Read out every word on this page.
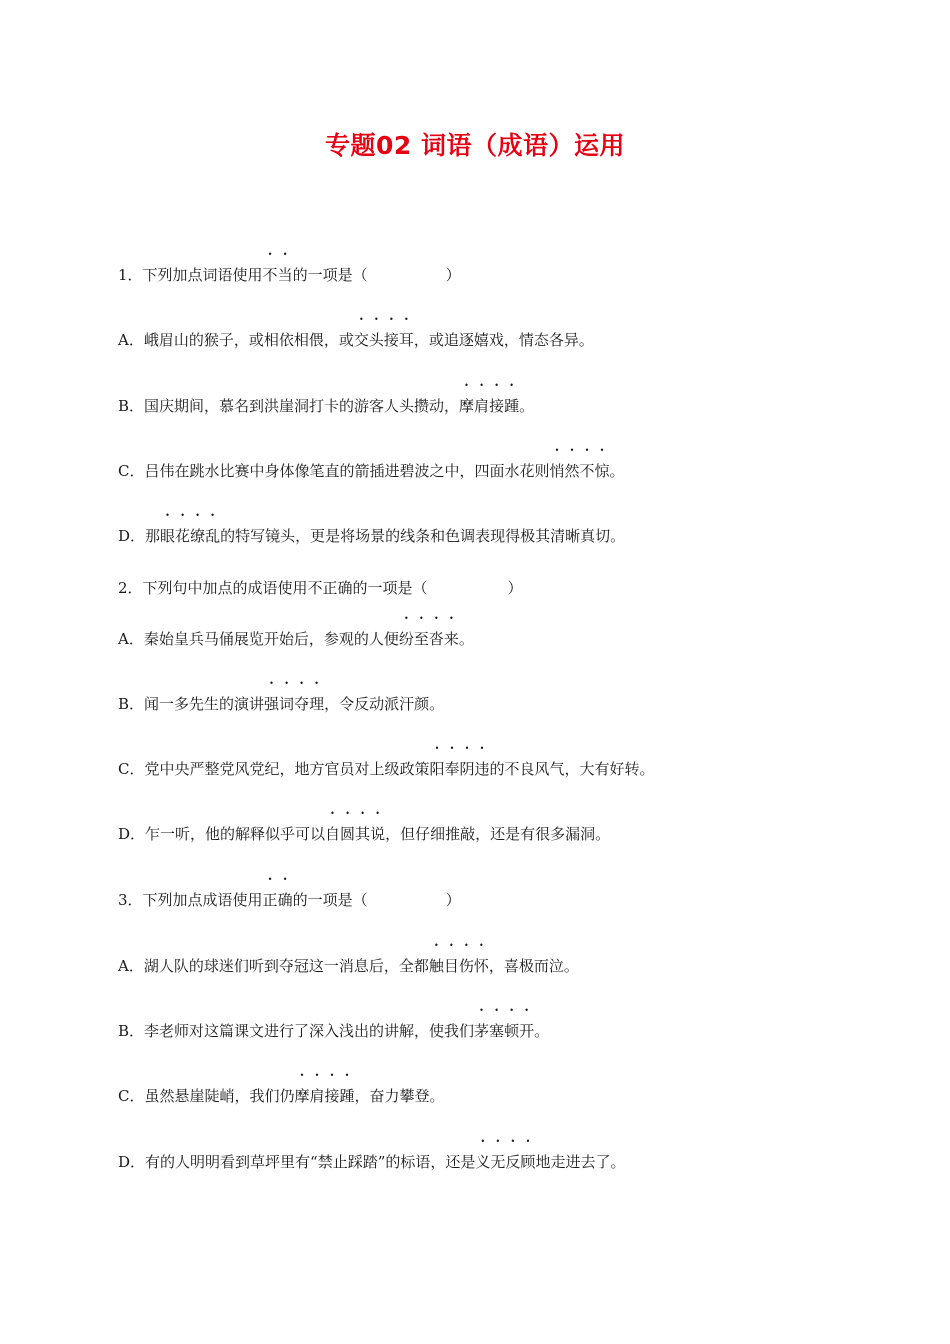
专题02 词语（成语）运用
1．下列加点词语使用不
•
当
•
的一项是（	）
A．峨眉山的猴子，或相依相偎，或交
•
头
•
接
•
耳
•
，或追逐嬉戏，情态各异。
B．国庆期间，慕名到洪崖洞打卡的游客人头攒动，摩
•
肩
•
接
•
踵
•
。
C．吕伟在跳水比赛中身体像笔直的箭插进碧波之中，四面水花则悄
•
然
•
不
•
惊
•
。
D．那眼
•
花
•
缭
•
乱
•
的特写镜头，更是将场景的线条和色调表现得极其清晰真切。
2．下列句中加点的成语使用不正确的一项是（	）
A．秦始皇兵马俑展览开始后，参观的人便纷
•
至
•
沓
•
来
•
。
B．闻一多先生的演讲强
•
词
•
夺
•
理
•
，令反动派汗颜。
C．党中央严整党风党纪，地方官员对上级政策阳
•
奉
•
阴
•
违
•
的不良风气，大有好转。
D．乍一听，他的解释似乎可以自
•
圆
•
其
•
说
•
，但仔细推敲，还是有很多漏洞。
3．下列加点成语使用正
•
确
•
的一项是（	）
A．湖人队的球迷们听到夺冠这一消息后，全都触
•
目
•
伤
•
怀
•
，喜极而泣。
B．李老师对这篇课文进行了深入浅出的讲解，使我们茅
•
塞
•
顿
•
开
•
。
C．虽然悬崖陡峭，我们仍摩
•
肩
•
接
•
踵
•
，奋力攀登。
D．有的人明明看到草坪里有“禁止踩踏”的标语，还是义
•
无
•
反
•
顾
•
地走进去了。
